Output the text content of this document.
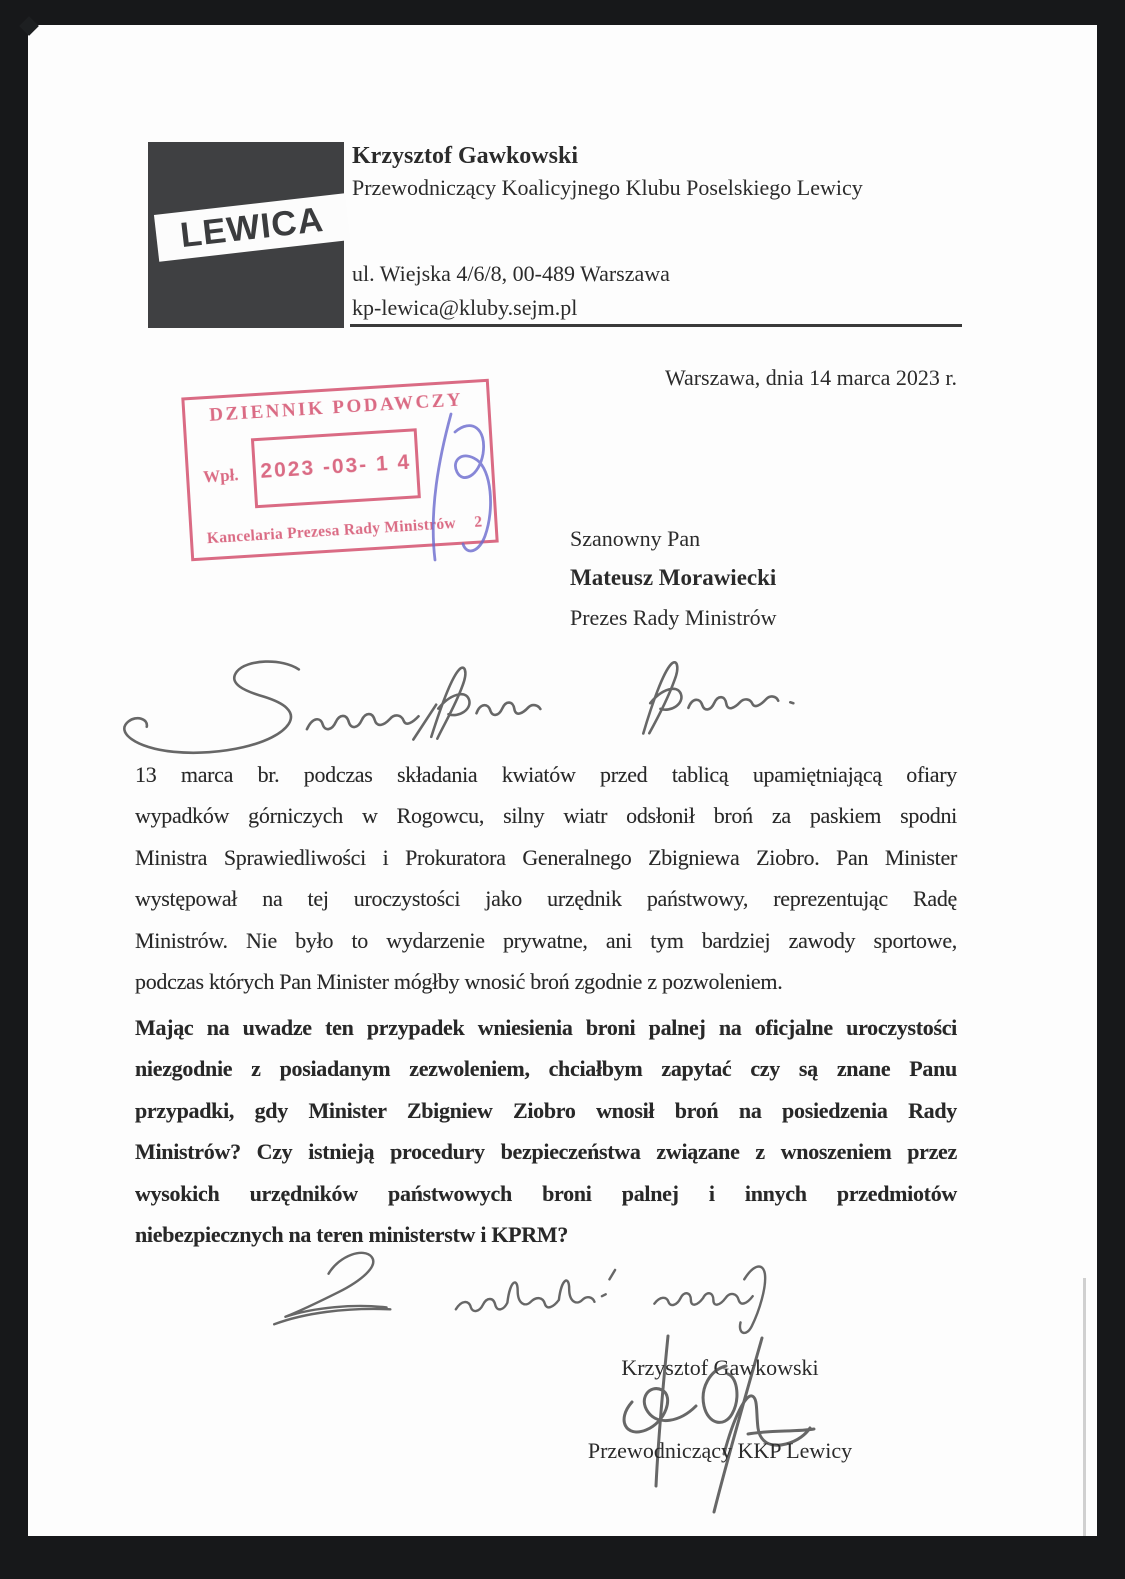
LEWICA
Krzysztof Gawkowski
Przewodniczący Koalicyjnego Klubu Poselskiego Lewicy
ul. Wiejska 4/6/8, 00-489 Warszawa
kp-lewica@kluby.sejm.pl
Warszawa, dnia 14 marca 2023 r.
DZIENNIK PODAWCZY
Wpł. 2023 -03- 1 4
Kancelaria Prezesa Rady Ministrów 2
Szanowny Pan
Mateusz Morawiecki
Prezes Rady Ministrów
13 marca br. podczas składania kwiatów przed tablicą upamiętniającą ofiary
wypadków górniczych w Rogowcu, silny wiatr odsłonił broń za paskiem spodni
Ministra Sprawiedliwości i Prokuratora Generalnego Zbigniewa Ziobro. Pan Minister
występował na tej uroczystości jako urzędnik państwowy, reprezentując Radę
Ministrów. Nie było to wydarzenie prywatne, ani tym bardziej zawody sportowe,
podczas których Pan Minister mógłby wnosić broń zgodnie z pozwoleniem.
Mając na uwadze ten przypadek wniesienia broni palnej na oficjalne uroczystości
niezgodnie z posiadanym zezwoleniem, chciałbym zapytać czy są znane Panu
przypadki, gdy Minister Zbigniew Ziobro wnosił broń na posiedzenia Rady
Ministrów? Czy istnieją procedury bezpieczeństwa związane z wnoszeniem przez
wysokich urzędników państwowych broni palnej i innych przedmiotów
niebezpiecznych na teren ministerstw i KPRM?
Krzysztof Gawkowski
Przewodniczący KKP Lewicy
